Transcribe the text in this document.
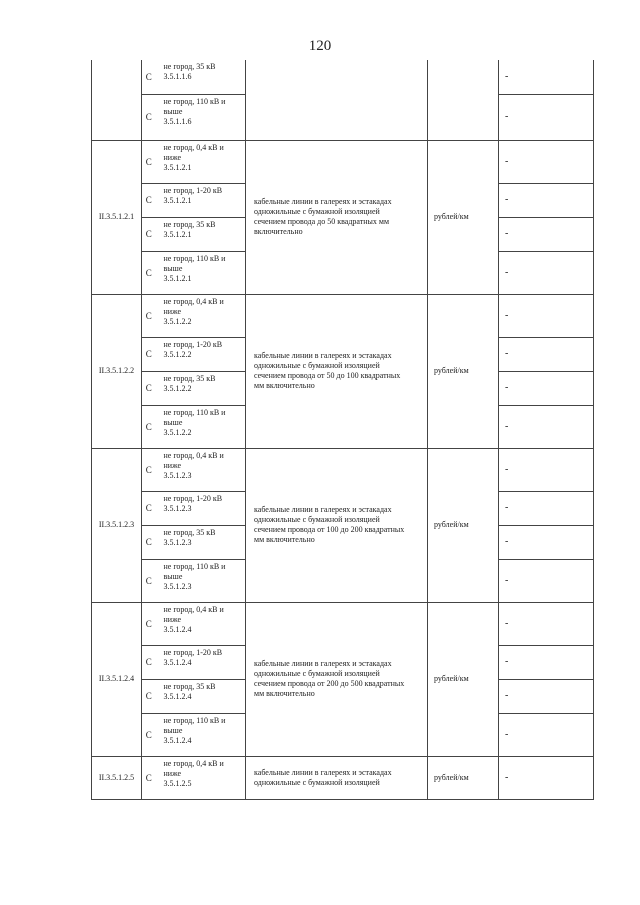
120
	С	не город, 35 кВ
3.5.1.1.6			-
	С	не город, 110 кВ и
выше
3.5.1.1.6			-
II.3.5.1.2.1	С	не город, 0,4 кВ и
ниже
3.5.1.2.1	кабельные линии в галереях и эстакадах
одножильные с бумажной изоляцией
сечением провода до 50 квадратных мм
включительно	рублей/км	-
	С	не город, 1-20 кВ
3.5.1.2.1			-
	С	не город, 35 кВ
3.5.1.2.1			-
	С	не город, 110 кВ и
выше
3.5.1.2.1			-
II.3.5.1.2.2	С	не город, 0,4 кВ и
ниже
3.5.1.2.2	кабельные линии в галереях и эстакадах
одножильные с бумажной изоляцией
сечением провода от 50 до 100 квадратных
мм включительно	рублей/км	-
	С	не город, 1-20 кВ
3.5.1.2.2			-
	С	не город, 35 кВ
3.5.1.2.2			-
	С	не город, 110 кВ и
выше
3.5.1.2.2			-
II.3.5.1.2.3	С	не город, 0,4 кВ и
ниже
3.5.1.2.3	кабельные линии в галереях и эстакадах
одножильные с бумажной изоляцией
сечением провода от 100 до 200 квадратных
мм включительно	рублей/км	-
	С	не город, 1-20 кВ
3.5.1.2.3			-
	С	не город, 35 кВ
3.5.1.2.3			-
	С	не город, 110 кВ и
выше
3.5.1.2.3			-
II.3.5.1.2.4	С	не город, 0,4 кВ и
ниже
3.5.1.2.4	кабельные линии в галереях и эстакадах
одножильные с бумажной изоляцией
сечением провода от 200 до 500 квадратных
мм включительно	рублей/км	-
	С	не город, 1-20 кВ
3.5.1.2.4			-
	С	не город, 35 кВ
3.5.1.2.4			-
	С	не город, 110 кВ и
выше
3.5.1.2.4			-
II.3.5.1.2.5	С	не город, 0,4 кВ и
ниже
3.5.1.2.5	кабельные линии в галереях и эстакадах
одножильные с бумажной изоляцией	рублей/км	-
